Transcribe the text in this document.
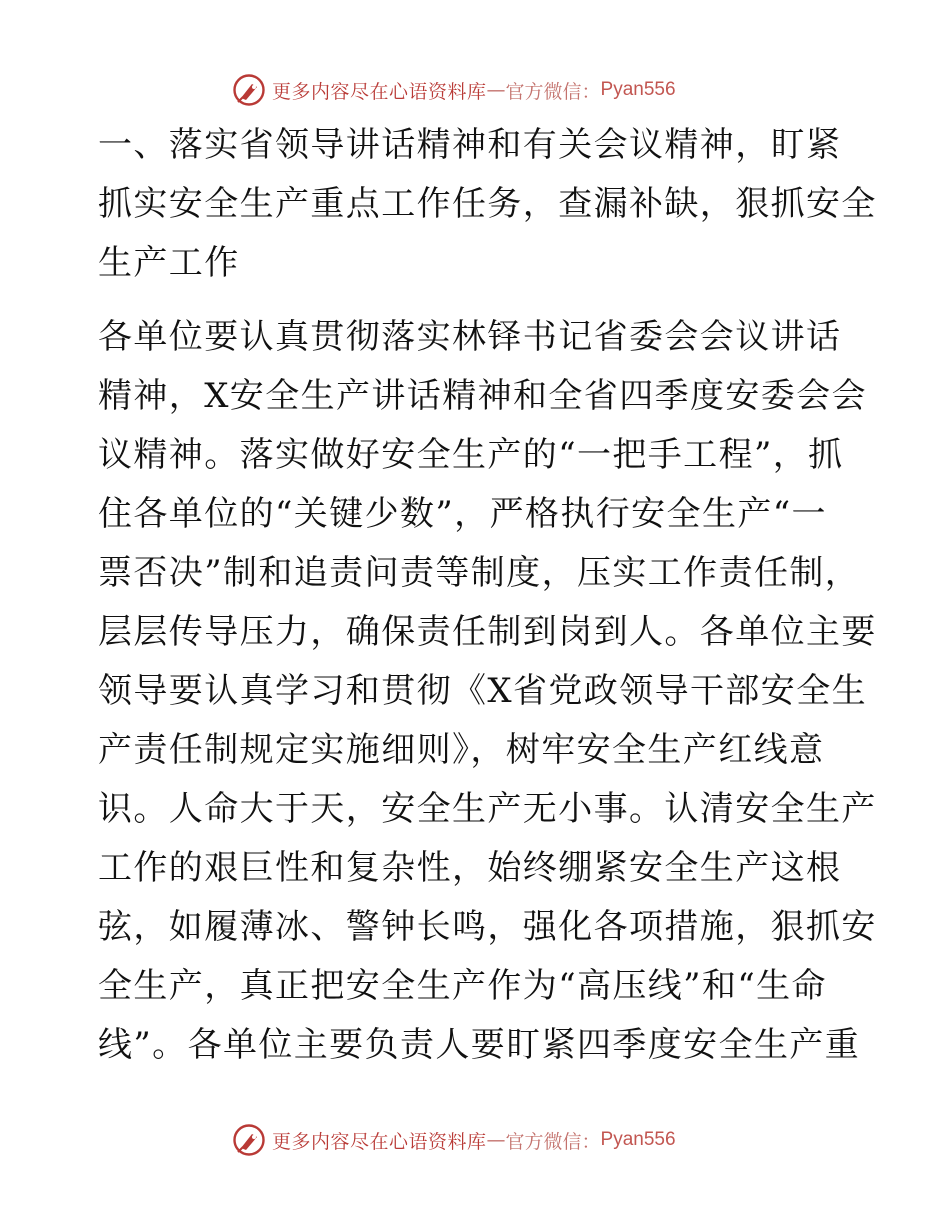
更多内容尽在心语资料库 — 官方微信： Pyan556
一、落实省领导讲话精神和有关会议精神，盯紧
抓实安全生产重点工作任务，查漏补缺，狠抓安全
生产工作
各单位要认真贯彻落实林铎书记省委会会议讲话
精神，X安全生产讲话精神和全省四季度安委会会
议精神。落实做好安全生产的“一把手工程”，抓
住各单位的“关键少数”，严格执行安全生产“一
票否决”制和追责问责等制度，压实工作责任制，
层层传导压力，确保责任制到岗到人。各单位主要
领导要认真学习和贯彻《X省党政领导干部安全生
产责任制规定实施细则》，树牢安全生产红线意
识。人命大于天，安全生产无小事。认清安全生产
工作的艰巨性和复杂性，始终绷紧安全生产这根
弦，如履薄冰、警钟长鸣，强化各项措施，狠抓安
全生产，真正把安全生产作为“高压线”和“生命
线”。各单位主要负责人要盯紧四季度安全生产重
更多内容尽在心语资料库 — 官方微信： Pyan556
